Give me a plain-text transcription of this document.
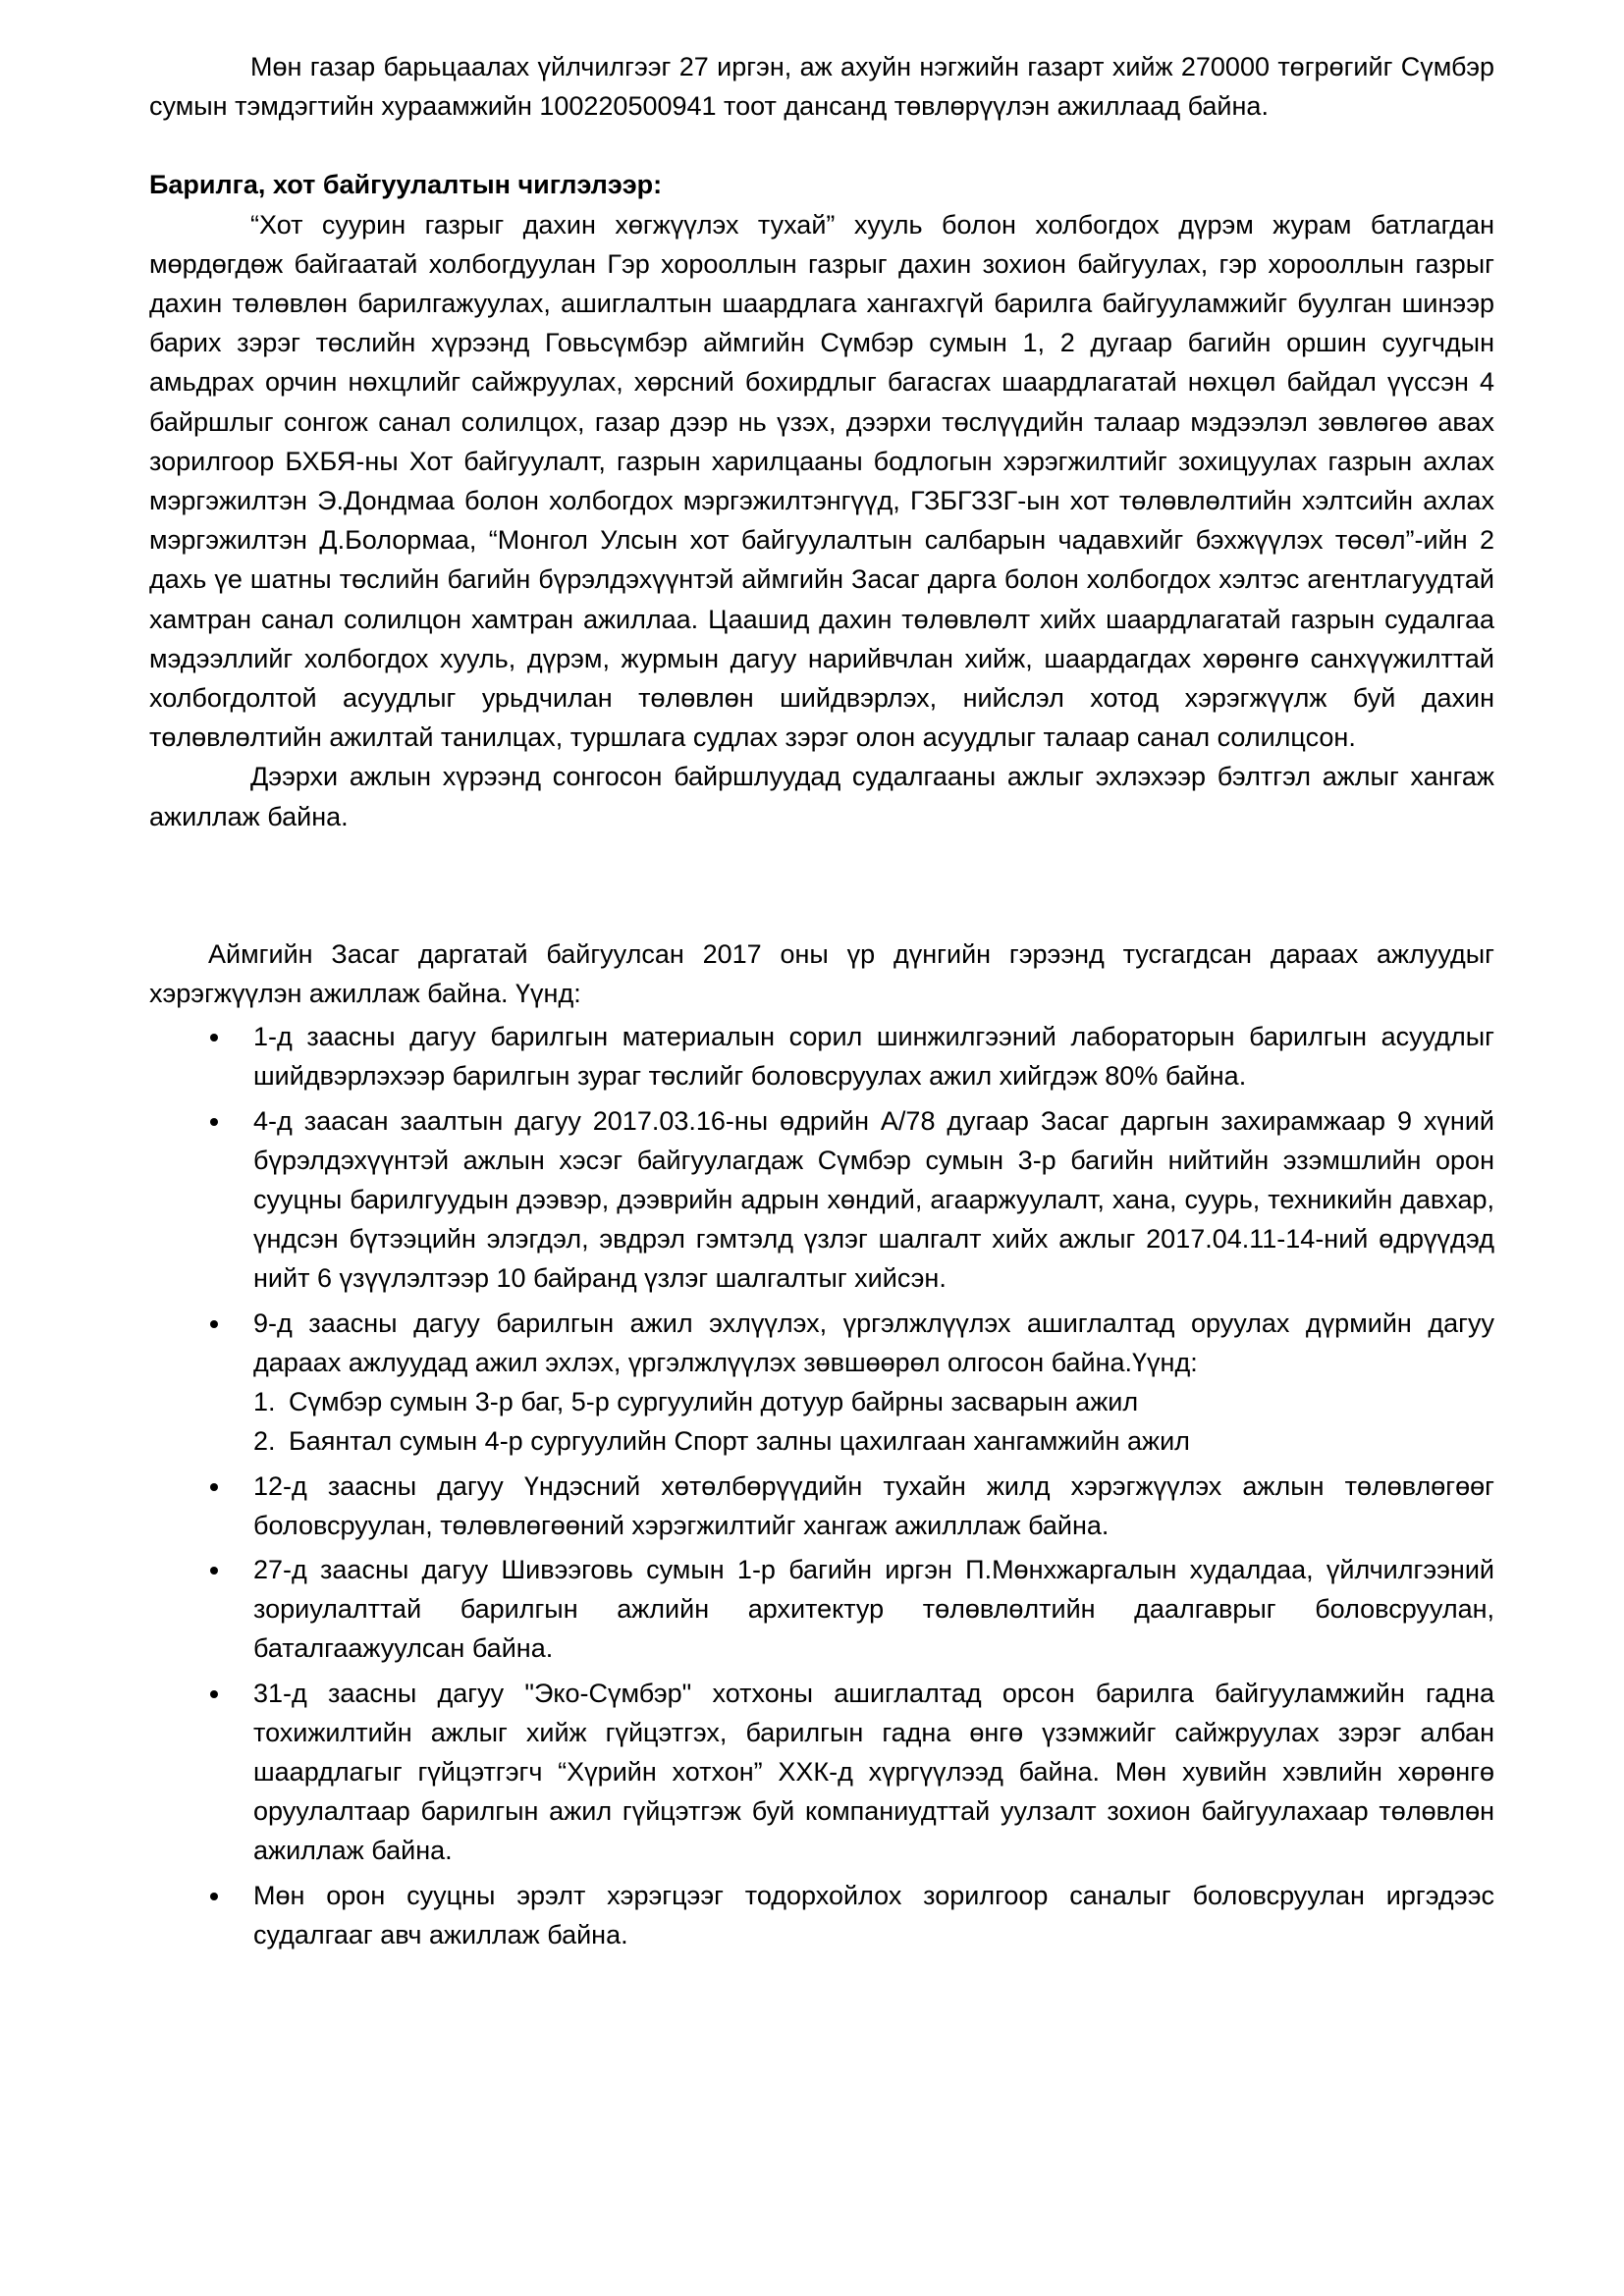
Мөн газар барьцаалах үйлчилгээг 27 иргэн, аж ахуйн нэгжийн газарт хийж 270000 төгрөгийг Сүмбэр сумын тэмдэгтийн хураамжийн 100220500941 тоот дансанд төвлөрүүлэн ажиллаад байна.

Барилга, хот байгуулалтын чиглэлээр:

“Хот суурин газрыг дахин хөгжүүлэх тухай” хууль болон холбогдох дүрэм журам батлагдан мөрдөгдөж байгаатай холбогдуулан Гэр хорооллын газрыг дахин зохион байгуулах, гэр хорооллын газрыг дахин төлөвлөн барилгажуулах, ашиглалтын шаардлага хангахгүй барилга байгууламжийг буулган шинээр барих зэрэг төслийн хүрээнд Говьсүмбэр аймгийн Сүмбэр сумын 1, 2 дугаар багийн оршин суугчдын амьдрах орчин нөхцлийг сайжруулах, хөрсний бохирдлыг багасгах шаардлагатай нөхцөл байдал үүссэн 4 байршлыг сонгож санал солилцох, газар дээр нь үзэх, дээрхи төслүүдийн талаар мэдээлэл зөвлөгөө авах зорилгоор БХБЯ-ны Хот байгуулалт, газрын харилцааны бодлогын хэрэгжилтийг зохицуулах газрын ахлах мэргэжилтэн Э.Дондмаа болон холбогдох мэргэжилтэнгүүд, ГЗБГЗЗГ-ын хот төлөвлөлтийн хэлтсийн ахлах мэргэжилтэн Д.Болормаа, “Монгол Улсын хот байгуулалтын салбарын чадавхийг бэхжүүлэх төсөл”-ийн 2 дахь үе шатны төслийн багийн бүрэлдэхүүнтэй аймгийн Засаг дарга болон холбогдох хэлтэс агентлагуудтай хамтран санал солилцон хамтран ажиллаа. Цаашид дахин төлөвлөлт хийх шаардлагатай газрын судалгаа мэдээллийг холбогдох хууль, дүрэм, журмын дагуу нарийвчлан хийж, шаардагдах хөрөнгө санхүүжилттай холбогдолтой асуудлыг урьдчилан төлөвлөн шийдвэрлэх, нийслэл хотод хэрэгжүүлж буй дахин төлөвлөлтийн ажилтай танилцах, туршлага судлах зэрэг олон асуудлыг талаар санал солилцсон.

Дээрхи ажлын хүрээнд сонгосон байршлуудад судалгааны ажлыг эхлэхээр бэлтгэл ажлыг хангаж ажиллаж байна.

Аймгийн Засаг даргатай байгуулсан 2017 оны үр дүнгийн гэрээнд тусгагдсан дараах ажлуудыг хэрэгжүүлэн ажиллаж байна. Үүнд:

1-д заасны дагуу барилгын материалын сорил шинжилгээний лабораторын барилгын асуудлыг шийдвэрлэхээр барилгын зураг төслийг боловсруулах ажил хийгдэж 80% байна.
4-д заасан заалтын дагуу 2017.03.16-ны өдрийн А/78 дугаар Засаг даргын захирамжаар 9 хүний бүрэлдэхүүнтэй ажлын хэсэг байгуулагдаж Сүмбэр сумын 3-р багийн нийтийн эзэмшлийн орон сууцны барилгуудын дээвэр, дээврийн адрын хөндий, агааржуулалт, хана, суурь, техникийн давхар, үндсэн бүтээцийн элэгдэл, эвдрэл гэмтэлд үзлэг шалгалт хийх ажлыг 2017.04.11-14-ний өдрүүдэд нийт 6 үзүүлэлтээр 10 байранд үзлэг шалгалтыг хийсэн.
9-д заасны дагуу барилгын ажил эхлүүлэх, үргэлжлүүлэх ашиглалтад оруулах дүрмийн дагуу дараах ажлуудад ажил эхлэх, үргэлжлүүлэх зөвшөөрөл олгосон байна.Үүнд:
1. Сүмбэр сумын 3-р баг, 5-р сургуулийн дотуур байрны засварын ажил
2. Баянтал сумын 4-р сургуулийн Спорт залны цахилгаан хангамжийн ажил
12-д заасны дагуу Үндэсний хөтөлбөрүүдийн тухайн жилд хэрэгжүүлэх ажлын төлөвлөгөөг боловсруулан, төлөвлөгөөний хэрэгжилтийг хангаж ажилллаж байна.
27-д заасны дагуу Шивээговь сумын 1-р багийн иргэн П.Мөнхжаргалын худалдаа, үйлчилгээний зориулалттай барилгын ажлийн архитектур төлөвлөлтийн даалгаврыг боловсруулан, баталгаажуулсан байна.
31-д заасны дагуу "Эко-Сүмбэр" хотхоны ашиглалтад орсон барилга байгууламжийн гадна тохижилтийн ажлыг хийж гүйцэтгэх, барилгын гадна өнгө үзэмжийг сайжруулах зэрэг албан шаардлагыг гүйцэтгэгч “Хүрийн хотхон” ХХК-д хүргүүлээд байна. Мөн хувийн хэвлийн хөрөнгө оруулалтаар барилгын ажил гүйцэтгэж буй компаниудттай уулзалт зохион байгуулахаар төлөвлөн ажиллаж байна.
Мөн орон сууцны эрэлт хэрэгцээг тодорхойлох зорилгоор саналыг боловсруулан иргэдээс судалгааг авч ажиллаж байна.
